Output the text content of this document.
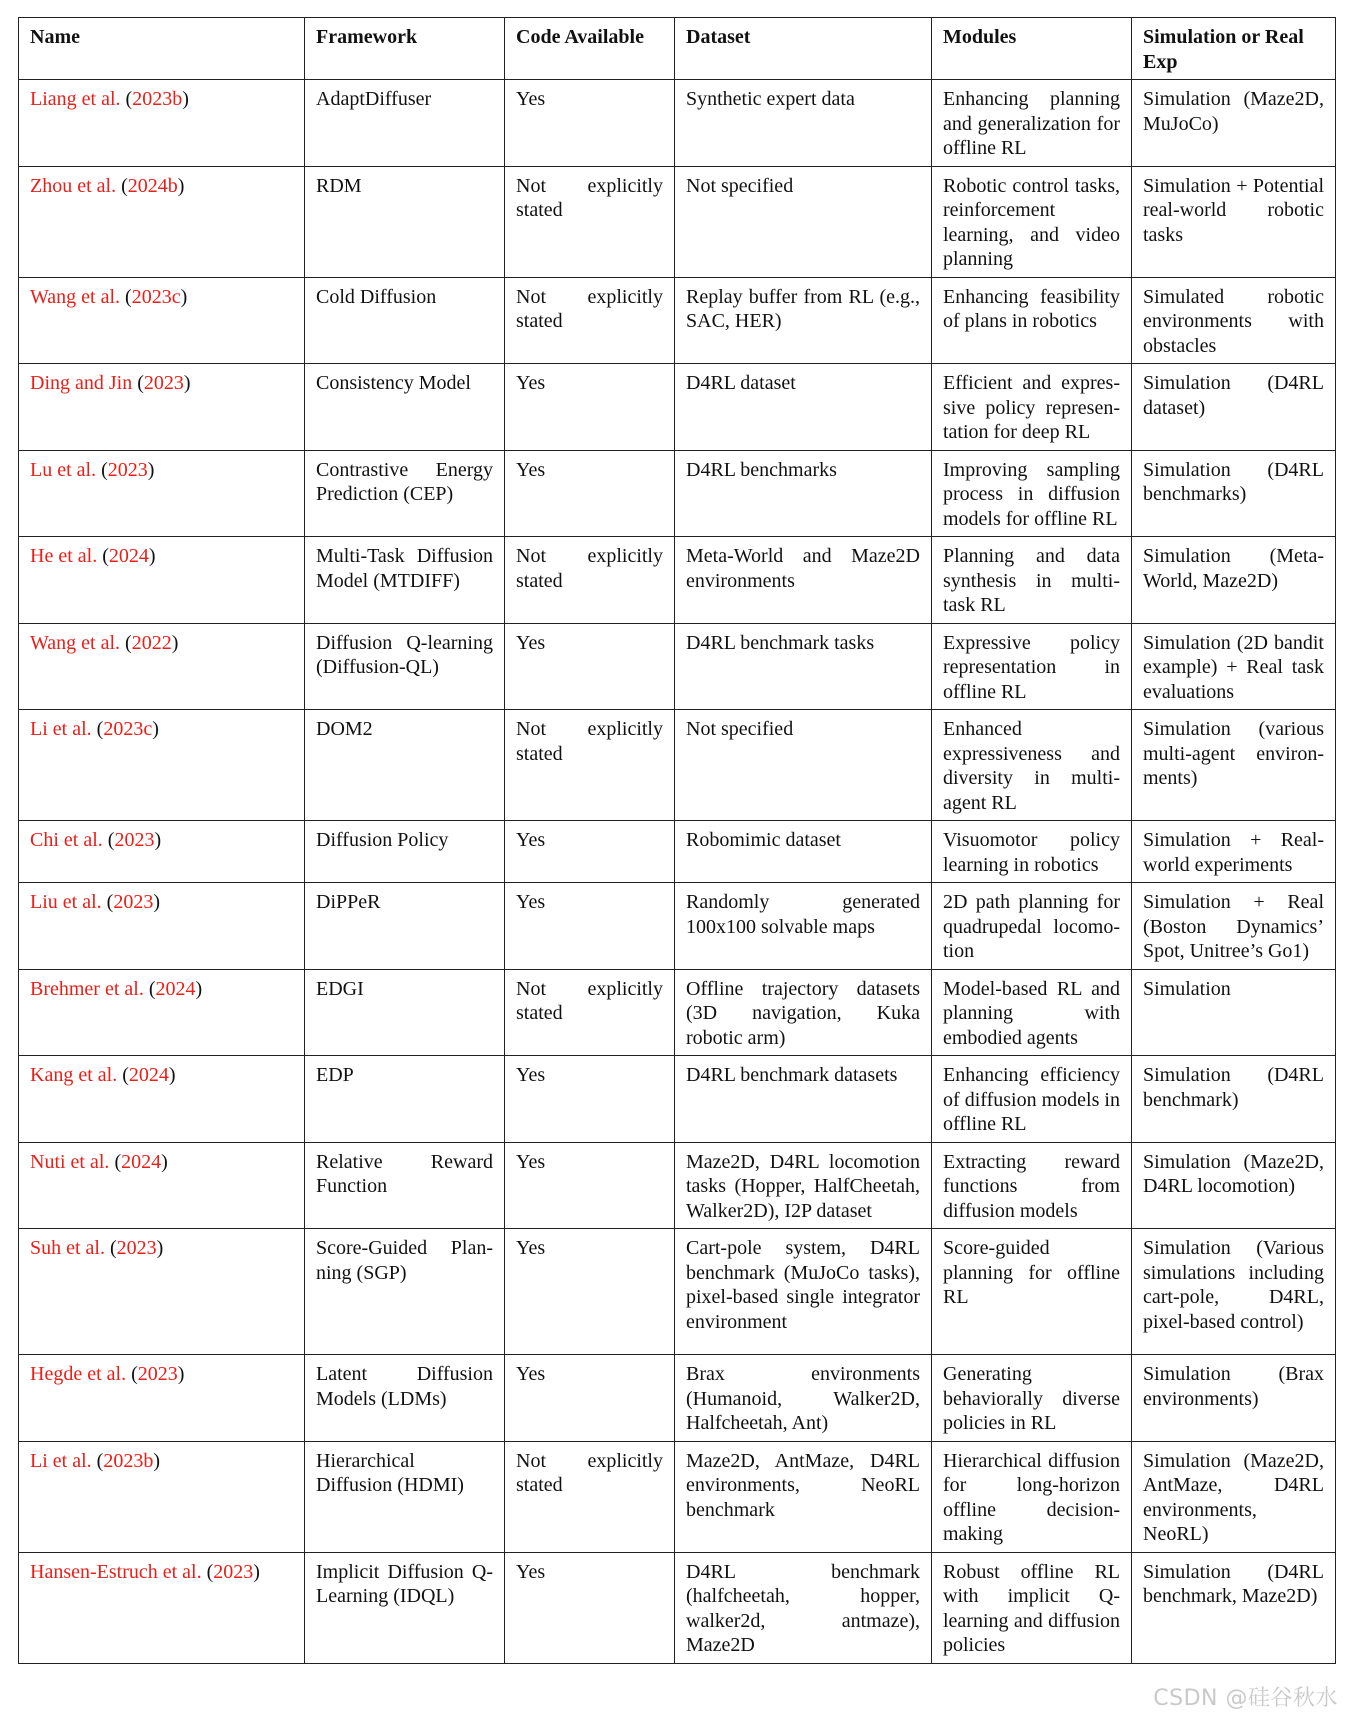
Name	Framework	Code Available	Dataset	Modules	Simulation or Real Exp
Liang et al. (2023b)	AdaptDiffuser	Yes	Synthetic expert data	Enhancing planning and generalization for offline RL	Simulation (Maze2D, MuJoCo)
Zhou et al. (2024b)	RDM	Not explicitly stated	Not specified	Robotic control tasks, reinforcement learning, and video planning	Simulation + Potential real-world robotic tasks
Wang et al. (2023c)	Cold Diffusion	Not explicitly stated	Replay buffer from RL (e.g., SAC, HER)	Enhancing feasibility of plans in robotics	Simulated robotic environments with obstacles
Ding and Jin (2023)	Consistency Model	Yes	D4RL dataset	Efficient and expressive policy representation for deep RL	Simulation (D4RL dataset)
Lu et al. (2023)	Contrastive Energy Prediction (CEP)	Yes	D4RL benchmarks	Improving sampling process in diffusion models for offline RL	Simulation (D4RL benchmarks)
He et al. (2024)	Multi-Task Diffusion Model (MTDIFF)	Not explicitly stated	Meta-World and Maze2D environments	Planning and data synthesis in multi-task RL	Simulation (Meta-World, Maze2D)
Wang et al. (2022)	Diffusion Q-learning (Diffusion-QL)	Yes	D4RL benchmark tasks	Expressive policy representation in offline RL	Simulation (2D bandit example) + Real task evaluations
Li et al. (2023c)	DOM2	Not explicitly stated	Not specified	Enhanced expressiveness and diversity in multi-agent RL	Simulation (various multi-agent environments)
Chi et al. (2023)	Diffusion Policy	Yes	Robomimic dataset	Visuomotor policy learning in robotics	Simulation + Real-world experiments
Liu et al. (2023)	DiPPeR	Yes	Randomly generated 100x100 solvable maps	2D path planning for quadrupedal locomotion	Simulation + Real (Boston Dynamics’ Spot, Unitree’s Go1)
Brehmer et al. (2024)	EDGI	Not explicitly stated	Offline trajectory datasets (3D navigation, Kuka robotic arm)	Model-based RL and planning with embodied agents	Simulation
Kang et al. (2024)	EDP	Yes	D4RL benchmark datasets	Enhancing efficiency of diffusion models in offline RL	Simulation (D4RL benchmark)
Nuti et al. (2024)	Relative Reward Function	Yes	Maze2D, D4RL locomotion tasks (Hopper, HalfCheetah, Walker2D), I2P dataset	Extracting reward functions from diffusion models	Simulation (Maze2D, D4RL locomotion)
Suh et al. (2023)	Score-Guided Planning (SGP)	Yes	Cart-pole system, D4RL benchmark (MuJoCo tasks), pixel-based single integrator environment	Score-guided planning for offline RL	Simulation (Various simulations including cart-pole, D4RL, pixel-based control)
Hegde et al. (2023)	Latent Diffusion Models (LDMs)	Yes	Brax environments (Humanoid, Walker2D, Halfcheetah, Ant)	Generating behaviorally diverse policies in RL	Simulation (Brax environments)
Li et al. (2023b)	Hierarchical Diffusion (HDMI)	Not explicitly stated	Maze2D, AntMaze, D4RL environments, NeoRL benchmark	Hierarchical diffusion for long-horizon offline decision-making	Simulation (Maze2D, AntMaze, D4RL environments, NeoRL)
Hansen-Estruch et al. (2023)	Implicit Diffusion Q-Learning (IDQL)	Yes	D4RL benchmark (halfcheetah, hopper, walker2d, antmaze), Maze2D	Robust offline RL with implicit Q-learning and diffusion policies	Simulation (D4RL benchmark, Maze2D)
CSDN @硅谷秋水
